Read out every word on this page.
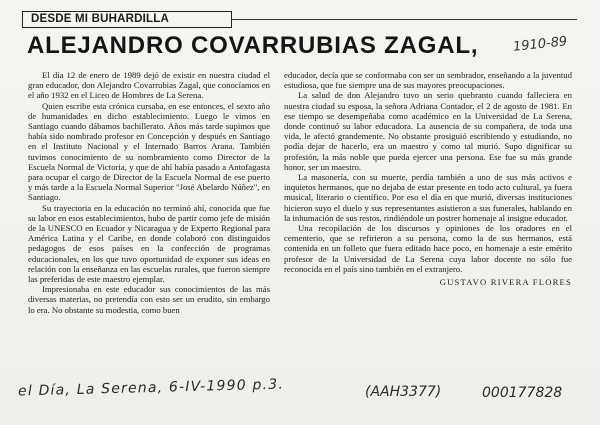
DESDE MI BUHARDILLA
ALEJANDRO COVARRUBIAS ZAGAL,	1910-89

El día 12 de enero de 1989 dejó de existir en nuestra ciudad el gran educador, don Alejandro Covarrubias Zagal, que conocíamos en el año 1932 en el Liceo de Hombres de La Serena.

Quien escribe esta crónica cursaba, en ese entonces, el sexto año de humanidades en dicho establecimiento. Luego le vimos en Santiago cuando dábamos bachillerato. Años más tarde supimos que había sido nombrado profesor en Concepción y después en Santiago en el Instituto Nacional y el Internado Barros Arana. También tuvimos conocimiento de su nombramiento como Director de la Escuela Normal de Victoria, y que de ahí había pasado a Antofagasta para ocupar el cargo de Director de la Escuela Normal de ese puerto y más tarde a la Escuela Normal Superior "José Abelardo Núñez", en Santiago.

Su trayectoria en la educación no terminó ahí, conocida que fue su labor en esos establecimientos, hubo de partir como jefe de misión de la UNESCO en Ecuador y Nicaragua y de Experto Regional para América Latina y el Caribe, en donde colaboró con distinguidos pedagogos de esos países en la confección de programas educacionales, en los que tuvo oportunidad de exponer sus ideas en relación con la enseñanza en las escuelas rurales, que fueron siempre las preferidas de este maestro ejemplar.

Impresionaba en este educador sus conocimientos de las más diversas materias, no pretendía con esto ser un erudito, sin embargo lo era. No obstante su modestia, como buen

educador, decía que se conformaba con ser un sembrador, enseñando a la juventud estudiosa, que fue siempre una de sus mayores preocupaciones.

La salud de don Alejandro tuvo un serio quebranto cuando falleciera en nuestra ciudad su esposa, la señora Adriana Contador, el 2 de agosto de 1981. En ese tiempo se desempeñaba como académico en la Universidad de La Serena, donde continuó su labor educadora. La ausencia de su compañera, de toda una vida, le afectó grandemente. No obstante prosiguió escribiendo y estudiando, no podía dejar de hacerlo, era un maestro y como tal murió. Supo dignificar su profesión, la más noble que pueda ejercer una persona. Ese fue su más grande honor, ser un maestro.

La masonería, con su muerte, perdía también a uno de sus más activos e inquietos hermanos, que no dejaba de estar presente en todo acto cultural, ya fuera musical, literario o científico. Por eso el día en que murió, diversas instituciones hicieron suyo el duelo y sus representantes asistieron a sus funerales, hablando en la inhumación de sus restos, rindiéndole un postrer homenaje al insigne educador.

Una recopilación de los discursos y opiniones de los oradores en el cementerio, que se refirieron a su persona, como la de sus hermanos, está contenida en un folleto que fuera editado hace poco, en homenaje a este emérito profesor de la Universidad de La Serena cuya labor docente no sólo fue reconocida en el país sino también en el extranjero.

GUSTAVO RIVERA FLORES
el Día, La Serena, 6-IV-1990 p.3.	(AAH3377)	000177828
